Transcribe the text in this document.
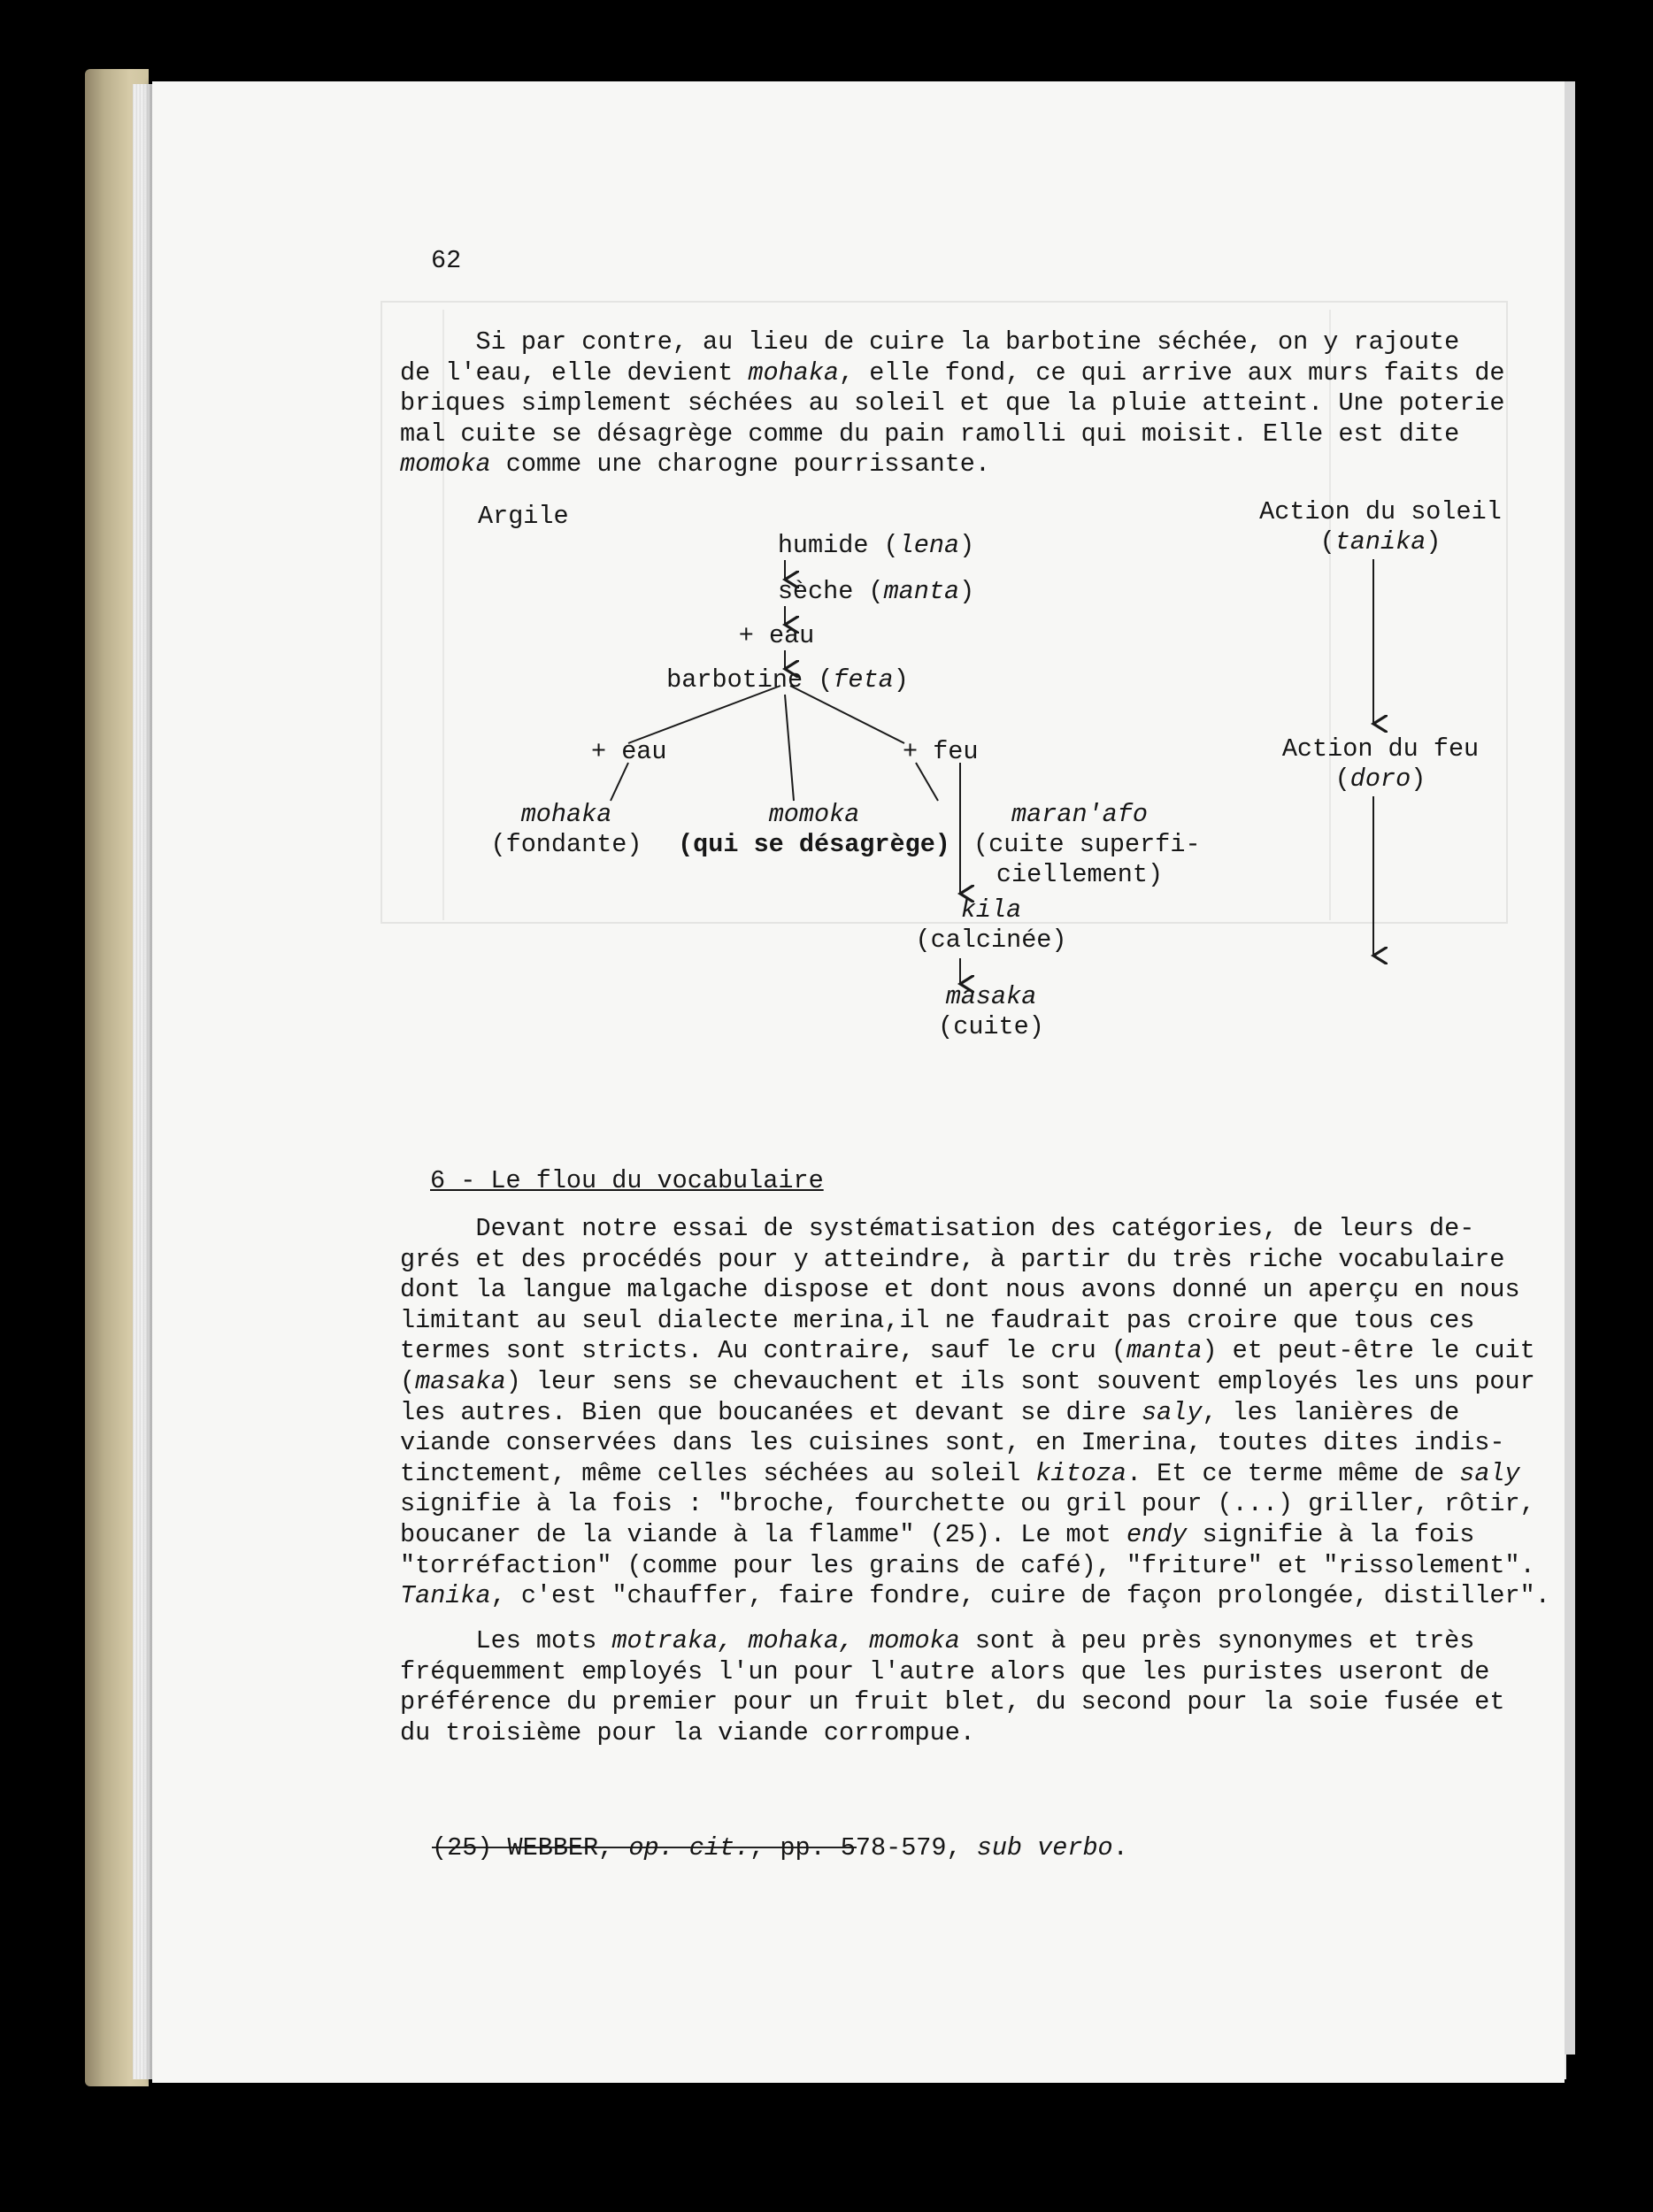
62
Si par contre, au lieu de cuire la barbotine séchée, on y rajoute
de l'eau, elle devient mohaka, elle fond, ce qui arrive aux murs faits de
briques simplement séchées au soleil et que la pluie atteint. Une poterie
mal cuite se désagrège comme du pain ramolli qui moisit. Elle est dite
momoka comme une charogne pourrissante.
Argile	Action du soleil
(tanika)
humide (lena)
sèche (manta)
+ eau
barbotine (feta)
+ eau	+ feu	Action du feu
(doro)
mohaka
(fondante)
momoka
(qui se désagrège)
maran'afo
(cuite superfi-
ciellement)
kila
(calcinée)
masaka
(cuite)
6 - Le flou du vocabulaire
Devant notre essai de systématisation des catégories, de leurs de-
grés et des procédés pour y atteindre, à partir du très riche vocabulaire
dont la langue malgache dispose et dont nous avons donné un aperçu en nous
limitant au seul dialecte merina,il ne faudrait pas croire que tous ces
termes sont stricts. Au contraire, sauf le cru (manta) et peut-être le cuit
(masaka) leur sens se chevauchent et ils sont souvent employés les uns pour
les autres. Bien que boucanées et devant se dire saly, les lanières de
viande conservées dans les cuisines sont, en Imerina, toutes dites indis-
tinctement, même celles séchées au soleil kitoza. Et ce terme même de saly
signifie à la fois : "broche, fourchette ou gril pour (...) griller, rôtir,
boucaner de la viande à la flamme" (25). Le mot endy signifie à la fois
"torréfaction" (comme pour les grains de café), "friture" et "rissolement".
Tanika, c'est "chauffer, faire fondre, cuire de façon prolongée, distiller".
Les mots motraka, mohaka, momoka sont à peu près synonymes et très
fréquemment employés l'un pour l'autre alors que les puristes useront de
préférence du premier pour un fruit blet, du second pour la soie fusée et
du troisième pour la viande corrompue.
(25) WEBBER, op. cit., pp. 578-579, sub verbo.
